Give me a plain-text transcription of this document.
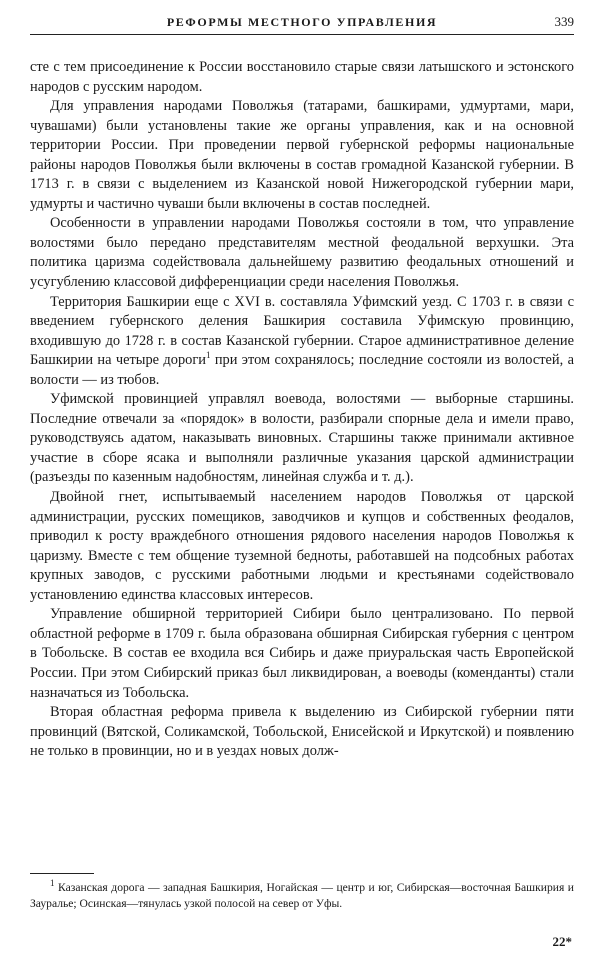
РЕФОРМЫ МЕСТНОГО УПРАВЛЕНИЯ	339

сте с тем присоединение к России восстановило старые связи латышского и эстонского народов с русским народом.

Для управления народами Поволжья (татарами, башкирами, удмуртами, мари, чувашами) были установлены такие же органы управления, как и на основной территории России. При проведении первой губернской реформы национальные районы народов Поволжья были включены в состав громадной Казанской губернии. В 1713 г. в связи с выделением из Казанской новой Нижегородской губернии мари, удмурты и частично чуваши были включены в состав последней.

Особенности в управлении народами Поволжья состояли в том, что управление волостями было передано представителям местной феодальной верхушки. Эта политика царизма содействовала дальнейшему развитию феодальных отношений и усугублению классовой дифференциации среди населения Поволжья.

Территория Башкирии еще с XVI в. составляла Уфимский уезд. С 1703 г. в связи с введением губернского деления Башкирия составила Уфимскую провинцию, входившую до 1728 г. в состав Казанской губернии. Старое административное деление Башкирии на четыре дороги$^1$ при этом сохранялось; последние состояли из волостей, а волости — из тюбов.

Уфимской провинцией управлял воевода, волостями — выборные старшины. Последние отвечали за «порядок» в волости, разбирали спорные дела и имели право, руководствуясь адатом, наказывать виновных. Старшины также принимали активное участие в сборе ясака и выполняли различные указания царской администрации (разъезды по казенным надобностям, линейная служба и т. д.).

Двойной гнет, испытываемый населением народов Поволжья от царской администрации, русских помещиков, заводчиков и купцов и собственных феодалов, приводил к росту враждебного отношения рядового населения народов Поволжья к царизму. Вместе с тем общение туземной бедноты, работавшей на подсобных работах крупных заводов, с русскими работными людьми и крестьянами содействовало установлению единства классовых интересов.

Управление обширной территорией Сибири было централизовано. По первой областной реформе в 1709 г. была образована обширная Сибирская губерния с центром в Тобольске. В состав ее входила вся Сибирь и даже приуральская часть Европейской России. При этом Сибирский приказ был ликвидирован, а воеводы (коменданты) стали назначаться из Тобольска.

Вторая областная реформа привела к выделению из Сибирской губернии пяти провинций (Вятской, Соликамской, Тобольской, Енисейской и Иркутской) и появлению не только в провинции, но и в уездах новых долж-

$^1$ Казанская дорога — западная Башкирия, Ногайская — центр и юг, Сибирская—восточная Башкирия и Зауралье; Осинская—тянулась узкой полосой на север от Уфы.

22*
